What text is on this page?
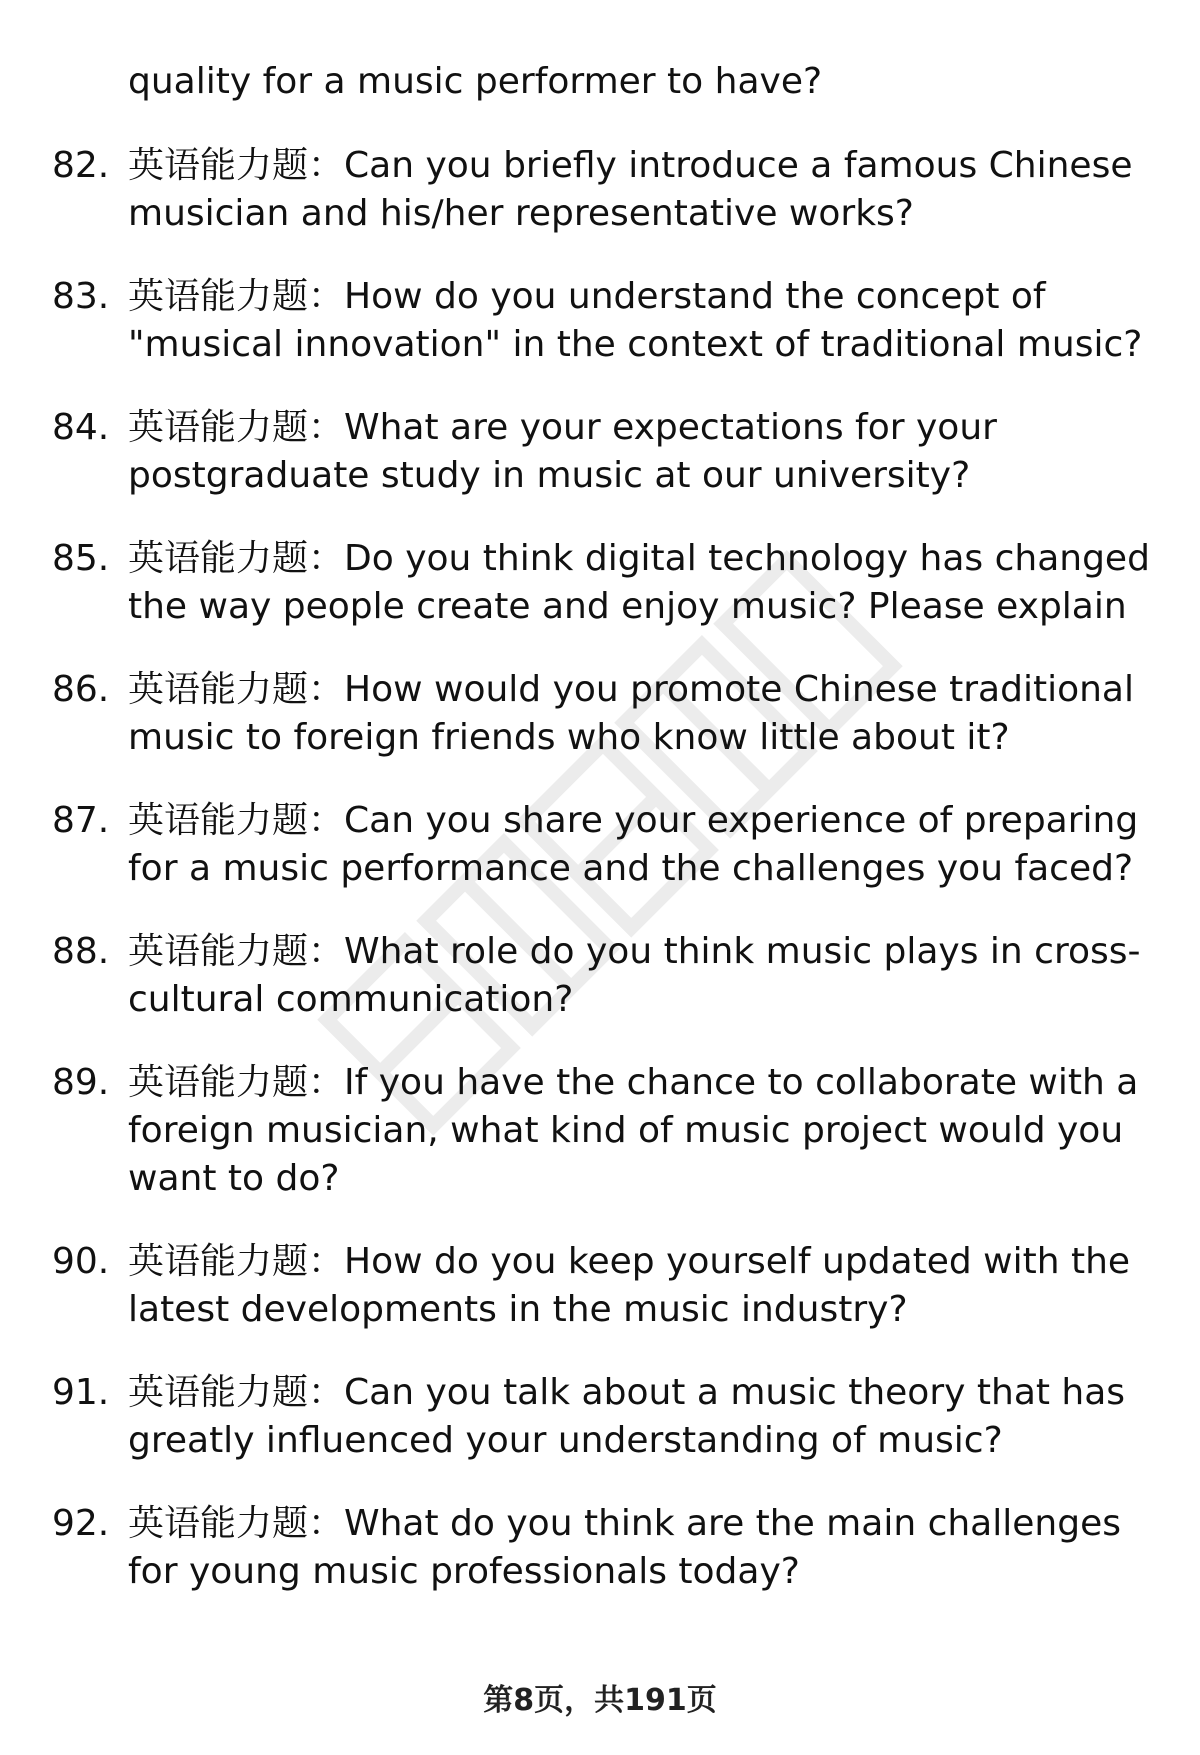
quality for a music performer to have?
82. 英语能力题：Can you briefly introduce a famous Chinese musician and his/her representative works?
83. 英语能力题：How do you understand the concept of "musical innovation" in the context of traditional music?
84. 英语能力题：What are your expectations for your postgraduate study in music at our university?
85. 英语能力题：Do you think digital technology has changed the way people create and enjoy music? Please explain
86. 英语能力题：How would you promote Chinese traditional music to foreign friends who know little about it?
87. 英语能力题：Can you share your experience of preparing for a music performance and the challenges you faced?
88. 英语能力题：What role do you think music plays in cross-cultural communication?
89. 英语能力题：If you have the chance to collaborate with a foreign musician, what kind of music project would you want to do?
90. 英语能力题：How do you keep yourself updated with the latest developments in the music industry?
91. 英语能力题：Can you talk about a music theory that has greatly influenced your understanding of music?
92. 英语能力题：What do you think are the main challenges for young music professionals today?
第8页，共191页
